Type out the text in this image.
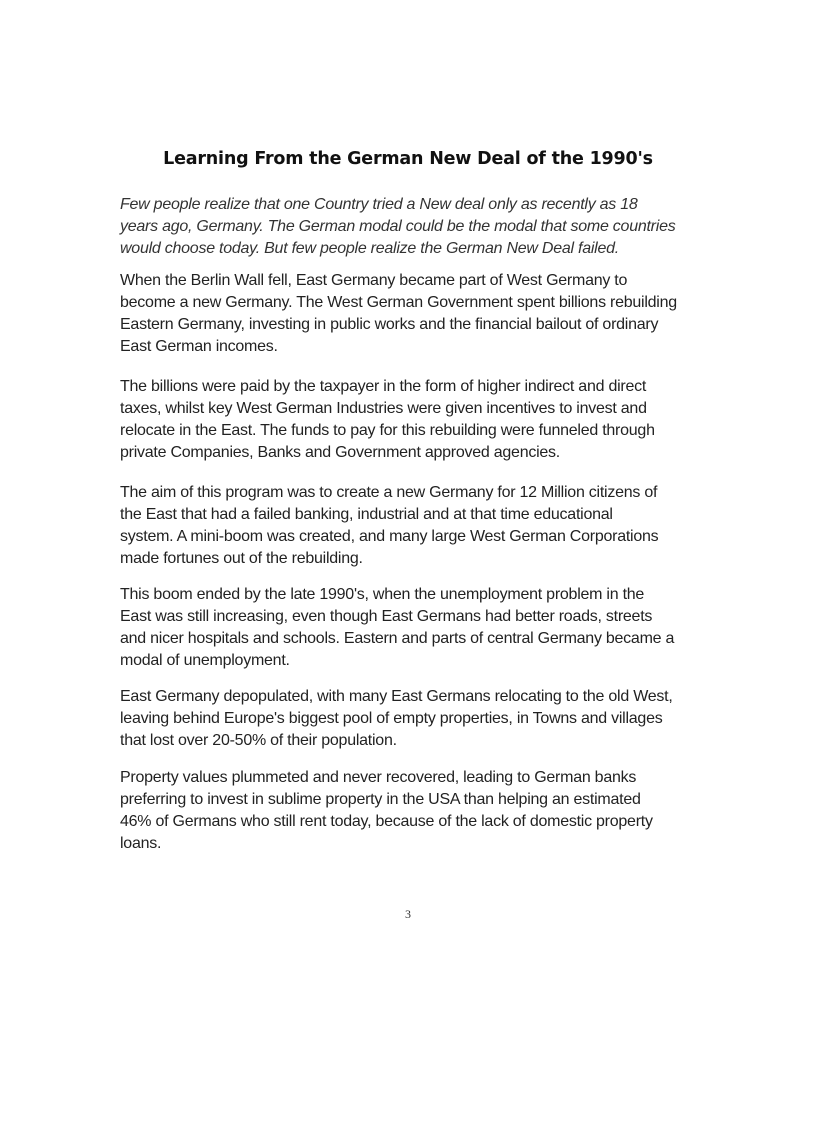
Learning From the German New Deal of the 1990's

Few people realize that one Country tried a New deal only as recently as 18
years ago, Germany. The German modal could be the modal that some countries
would choose today. But few people realize the German New Deal failed.

When the Berlin Wall fell, East Germany became part of West Germany to
become a new Germany. The West German Government spent billions rebuilding
Eastern Germany, investing in public works and the financial bailout of ordinary
East German incomes.

The billions were paid by the taxpayer in the form of higher indirect and direct
taxes, whilst key West German Industries were given incentives to invest and
relocate in the East. The funds to pay for this rebuilding were funneled through
private Companies, Banks and Government approved agencies.

The aim of this program was to create a new Germany for 12 Million citizens of
the East that had a failed banking, industrial and at that time educational
system. A mini-boom was created, and many large West German Corporations
made fortunes out of the rebuilding.

This boom ended by the late 1990's, when the unemployment problem in the
East was still increasing, even though East Germans had better roads, streets
and nicer hospitals and schools. Eastern and parts of central Germany became a
modal of unemployment.

East Germany depopulated, with many East Germans relocating to the old West,
leaving behind Europe's biggest pool of empty properties, in Towns and villages
that lost over 20-50% of their population.

Property values plummeted and never recovered, leading to German banks
preferring to invest in sublime property in the USA than helping an estimated
46% of Germans who still rent today, because of the lack of domestic property
loans.

3
